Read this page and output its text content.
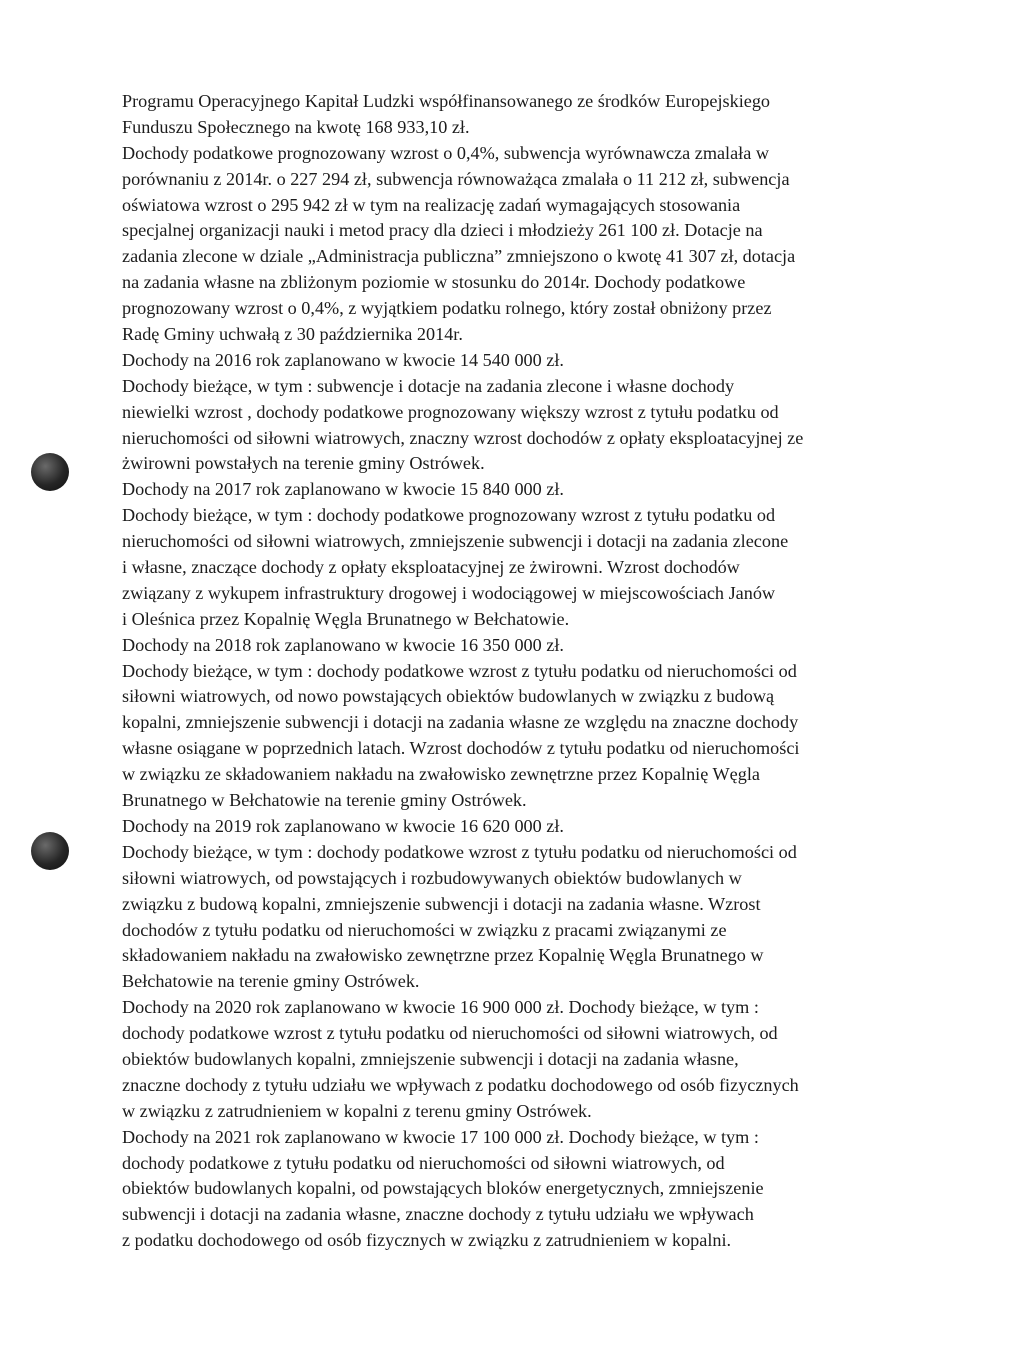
Programu Operacyjnego Kapitał Ludzki współfinansowanego ze środków Europejskiego
Funduszu Społecznego na kwotę 168 933,10 zł.
Dochody podatkowe prognozowany wzrost o 0,4%, subwencja wyrównawcza zmalała w
porównaniu z 2014r. o 227 294 zł, subwencja równoważąca zmalała o 11 212 zł, subwencja
oświatowa wzrost o 295 942 zł w tym na realizację zadań wymagających stosowania
specjalnej organizacji nauki i metod pracy dla dzieci i młodzieży 261 100 zł. Dotacje na
zadania zlecone w dziale „Administracja publiczna” zmniejszono o kwotę 41 307 zł, dotacja
na zadania własne na zbliżonym poziomie w stosunku do 2014r. Dochody podatkowe
prognozowany wzrost o 0,4%, z wyjątkiem podatku rolnego, który został obniżony przez
Radę Gminy uchwałą z 30 października 2014r.
Dochody na 2016 rok zaplanowano w kwocie 14 540 000 zł.
Dochody bieżące, w tym : subwencje i dotacje na zadania zlecone i własne dochody
niewielki wzrost , dochody podatkowe prognozowany większy wzrost z tytułu podatku od
nieruchomości od siłowni wiatrowych, znaczny wzrost dochodów z opłaty eksploatacyjnej ze
żwirowni powstałych na terenie gminy Ostrówek.
Dochody na 2017 rok zaplanowano w kwocie 15 840 000 zł.
Dochody bieżące, w tym : dochody podatkowe prognozowany wzrost z tytułu podatku od
nieruchomości od siłowni wiatrowych, zmniejszenie subwencji i dotacji na zadania zlecone
i własne, znaczące dochody z opłaty eksploatacyjnej ze żwirowni. Wzrost dochodów
związany z wykupem infrastruktury drogowej i wodociągowej w miejscowościach Janów
i Oleśnica przez Kopalnię Węgla Brunatnego w Bełchatowie.
Dochody na 2018 rok zaplanowano w kwocie 16 350 000 zł.
Dochody bieżące, w tym : dochody podatkowe wzrost z tytułu podatku od nieruchomości od
siłowni wiatrowych, od nowo powstających obiektów budowlanych w związku z budową
kopalni, zmniejszenie subwencji i dotacji na zadania własne ze względu na znaczne dochody
własne osiągane w poprzednich latach. Wzrost dochodów z tytułu podatku od nieruchomości
w związku ze składowaniem nakładu na zwałowisko zewnętrzne przez Kopalnię Węgla
Brunatnego w Bełchatowie na terenie gminy Ostrówek.
Dochody na 2019 rok zaplanowano w kwocie 16 620 000 zł.
Dochody bieżące, w tym : dochody podatkowe wzrost z tytułu podatku od nieruchomości od
siłowni wiatrowych, od powstających i rozbudowywanych obiektów budowlanych w
związku z budową kopalni, zmniejszenie subwencji i dotacji na zadania własne. Wzrost
dochodów z tytułu podatku od nieruchomości w związku z pracami związanymi ze
składowaniem nakładu na zwałowisko zewnętrzne przez Kopalnię Węgla Brunatnego w
Bełchatowie na terenie gminy Ostrówek.
Dochody na 2020 rok zaplanowano w kwocie 16 900 000 zł. Dochody bieżące, w tym :
dochody podatkowe wzrost z tytułu podatku od nieruchomości od siłowni wiatrowych, od
obiektów budowlanych kopalni, zmniejszenie subwencji i dotacji na zadania własne,
znaczne dochody z tytułu udziału we wpływach z podatku dochodowego od osób fizycznych
w związku z zatrudnieniem w kopalni z terenu gminy Ostrówek.
Dochody na 2021 rok zaplanowano w kwocie 17 100 000 zł. Dochody bieżące, w tym :
dochody podatkowe z tytułu podatku od nieruchomości od siłowni wiatrowych, od
obiektów budowlanych kopalni, od powstających bloków energetycznych, zmniejszenie
subwencji i dotacji na zadania własne, znaczne dochody z tytułu udziału we wpływach
z podatku dochodowego od osób fizycznych w związku z zatrudnieniem w kopalni.
